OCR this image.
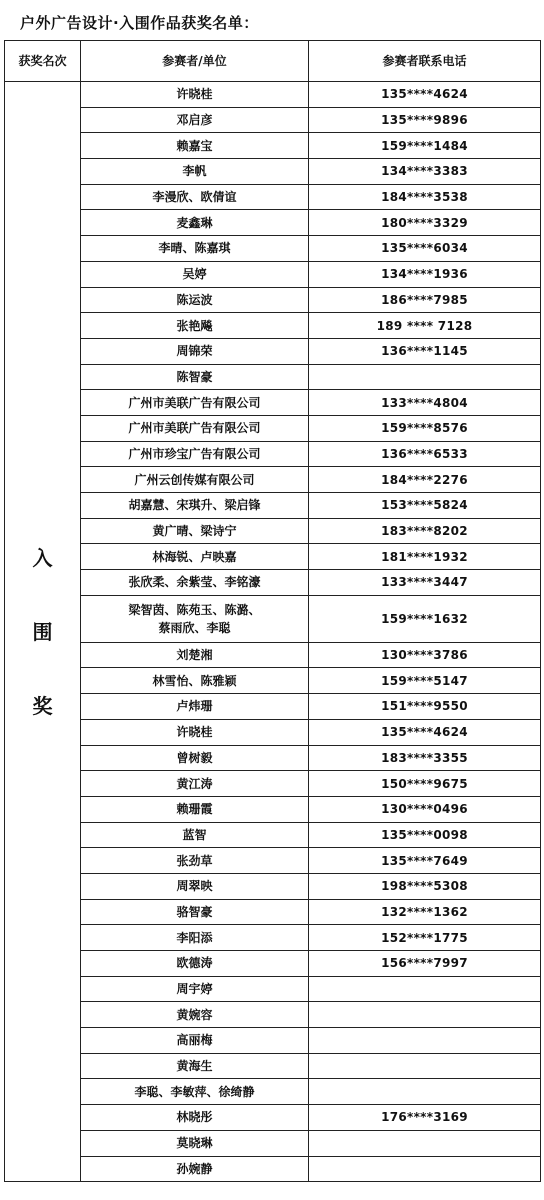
户外广告设计·入围作品获奖名单：
获奖名次	参赛者/单位	参赛者联系电话

入
围
奖	许晓桂	135****4624
	邓启彦	135****9896
	赖嘉宝	159****1484
	李帆	134****3383
	李漫欣、欧倩谊	184****3538
	麦鑫琳	180****3329
	李晴、陈嘉琪	135****6034
	吴婷	134****1936
	陈运波	186****7985
	张艳飚	189 **** 7128
	周锦荣	136****1145
	陈智豪	
	广州市美联广告有限公司	133****4804
	广州市美联广告有限公司	159****8576
	广州市珍宝广告有限公司	136****6533
	广州云创传媒有限公司	184****2276
	胡嘉慧、宋琪升、梁启锋	153****5824
	黄广晴、梁诗宁	183****8202
	林海锐、卢映嘉	181****1932
	张欣柔、余紫莹、李铭濠	133****3447

	梁智茵、陈苑玉、陈潞、
蔡雨欣、李聪	159****1632
	刘楚湘	130****3786
	林雪怡、陈雅颖	159****5147
	卢炜珊	151****9550
	许晓桂	135****4624
	曾树毅	183****3355
	黄江涛	150****9675
	赖珊霞	130****0496
	蓝智	135****0098
	张劲草	135****7649
	周翠映	198****5308
	骆智豪	132****1362
	李阳添	152****1775
	欧德涛	156****7997
	周宇婷	
	黄婉容	
	高丽梅	
	黄海生	
	李聪、李敏萍、徐绮静	
	林晓彤	176****3169
	莫晓琳	
	孙婉静	
